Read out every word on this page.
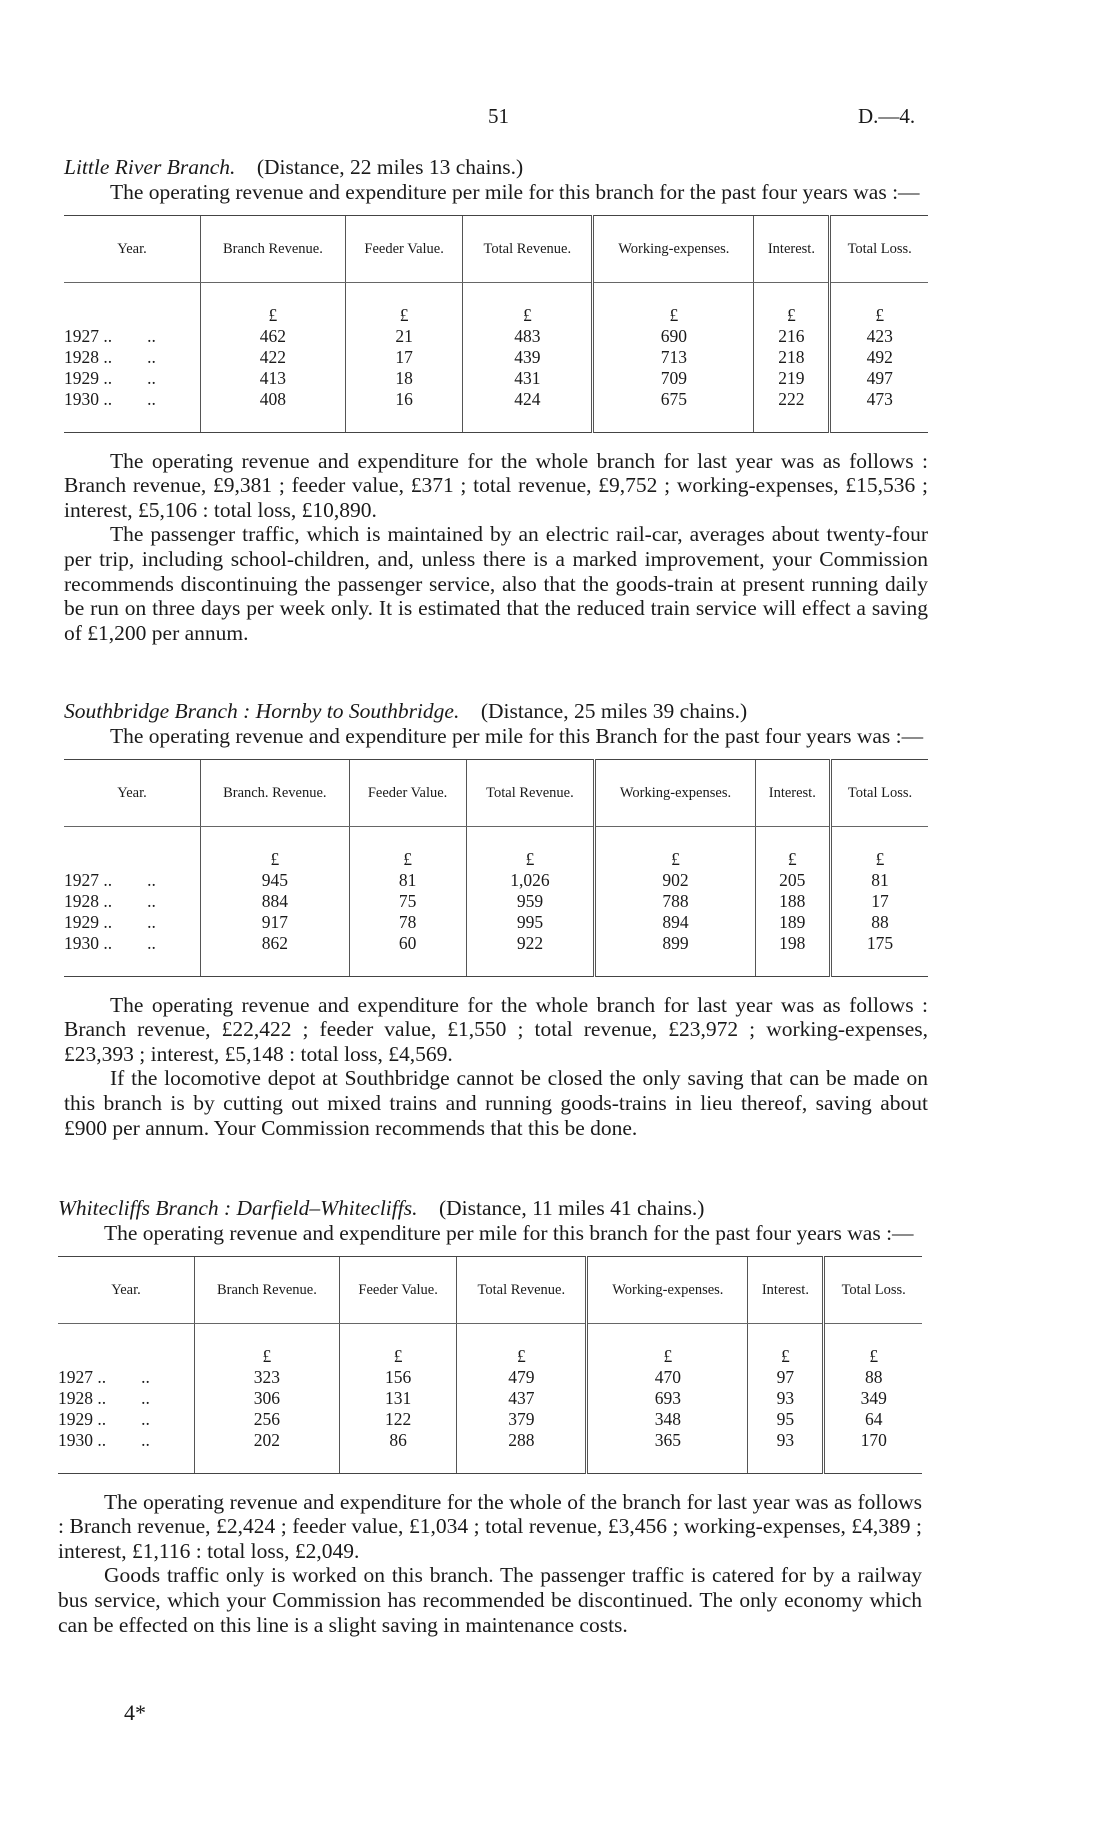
51	D.—4.
Little River Branch.  (Distance, 22 miles 13 chains.)

The operating revenue and expenditure per mile for this branch for the past four years was :—

Year.	Branch Revenue.	Feeder Value.	Total Revenue.	Working-expenses.	Interest.	Total Loss.
	£	£	£	£	£	£
1927 ..        ..	462	21	483	690	216	423
1928 ..        ..	422	17	439	713	218	492
1929 ..        ..	413	18	431	709	219	497
1930 ..        ..	408	16	424	675	222	473

The operating revenue and expenditure for the whole branch for last year was as follows : Branch revenue, £9,381 ; feeder value, £371 ; total revenue, £9,752 ; working-expenses, £15,536 ; interest, £5,106 : total loss, £10,890.

The passenger traffic, which is maintained by an electric rail-car, averages about twenty-four per trip, including school-children, and, unless there is a marked improvement, your Commission recommends discontinuing the passenger service, also that the goods-train at present running daily be run on three days per week only. It is estimated that the reduced train service will effect a saving of £1,200 per annum.

Southbridge Branch : Hornby to Southbridge.  (Distance, 25 miles 39 chains.)

The operating revenue and expenditure per mile for this Branch for the past four years was :—

Year.	Branch. Revenue.	Feeder Value.	Total Revenue.	Working-expenses.	Interest.	Total Loss.
	£	£	£	£	£	£
1927 ..        ..	945	81	1,026	902	205	81
1928 ..        ..	884	75	959	788	188	17
1929 ..        ..	917	78	995	894	189	88
1930 ..        ..	862	60	922	899	198	175

The operating revenue and expenditure for the whole branch for last year was as follows : Branch revenue, £22,422 ; feeder value, £1,550 ; total revenue, £23,972 ; working-expenses, £23,393 ; interest, £5,148 : total loss, £4,569.

If the locomotive depot at Southbridge cannot be closed the only saving that can be made on this branch is by cutting out mixed trains and running goods-trains in lieu thereof, saving about £900 per annum. Your Commission recommends that this be done.

Whitecliffs Branch : Darfield–Whitecliffs.  (Distance, 11 miles 41 chains.)

The operating revenue and expenditure per mile for this branch for the past four years was :—

Year.	Branch Revenue.	Feeder Value.	Total Revenue.	Working-expenses.	Interest.	Total Loss.
	£	£	£	£	£	£
1927 ..        ..	323	156	479	470	97	88
1928 ..        ..	306	131	437	693	93	349
1929 ..        ..	256	122	379	348	95	64
1930 ..        ..	202	86	288	365	93	170

The operating revenue and expenditure for the whole of the branch for last year was as follows : Branch revenue, £2,424 ; feeder value, £1,034 ; total revenue, £3,456 ; working-expenses, £4,389 ; interest, £1,116 : total loss, £2,049.

Goods traffic only is worked on this branch. The passenger traffic is catered for by a railway bus service, which your Commission has recommended be discontinued. The only economy which can be effected on this line is a slight saving in maintenance costs.

4*
